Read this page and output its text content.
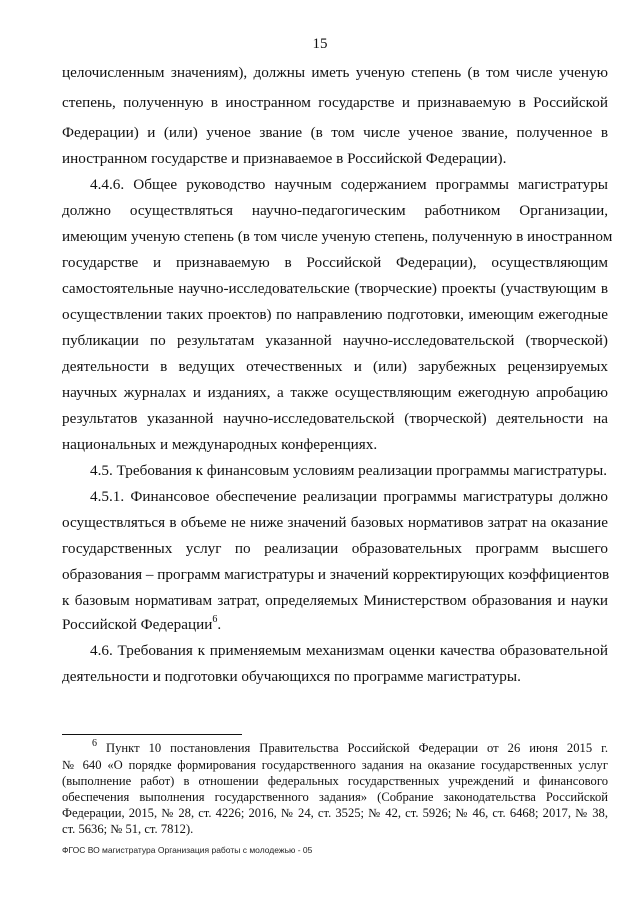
15
целочисленным значениям), должны иметь ученую степень (в том числе ученую
степень, полученную в иностранном государстве и признаваемую в Российской
Федерации) и (или) ученое звание (в том числе ученое звание, полученное в
иностранном государстве и признаваемое в Российской Федерации).
4.4.6. Общее руководство научным содержанием программы магистратуры
должно осуществляться научно-педагогическим работником Организации,
имеющим ученую степень (в том числе ученую степень, полученную в иностранном
государстве и признаваемую в Российской Федерации), осуществляющим
самостоятельные научно-исследовательские (творческие) проекты (участвующим в
осуществлении таких проектов) по направлению подготовки, имеющим ежегодные
публикации по результатам указанной научно-исследовательской (творческой)
деятельности в ведущих отечественных и (или) зарубежных рецензируемых
научных журналах и изданиях, а также осуществляющим ежегодную апробацию
результатов указанной научно-исследовательской (творческой) деятельности на
национальных и международных конференциях.
4.5. Требования к финансовым условиям реализации программы магистратуры.
4.5.1. Финансовое обеспечение реализации программы магистратуры должно
осуществляться в объеме не ниже значений базовых нормативов затрат на оказание
государственных услуг по реализации образовательных программ высшего
образования – программ магистратуры и значений корректирующих коэффициентов
к базовым нормативам затрат, определяемых Министерством образования и науки
Российской Федерации$^6$.
4.6. Требования к применяемым механизмам оценки качества образовательной
деятельности и подготовки обучающихся по программе магистратуры.
$^6$ Пункт 10 постановления Правительства Российской Федерации от 26 июня 2015 г.
№ 640 «О порядке формирования государственного задания на оказание государственных услуг
(выполнение работ) в отношении федеральных государственных учреждений и финансового
обеспечения выполнения государственного задания» (Собрание законодательства Российской
Федерации, 2015, № 28, ст. 4226; 2016, № 24, ст. 3525; № 42, ст. 5926; № 46, ст. 6468; 2017, № 38,
ст. 5636; № 51, ст. 7812).
ФГОС ВО магистратура Организация работы с молодежью - 05
